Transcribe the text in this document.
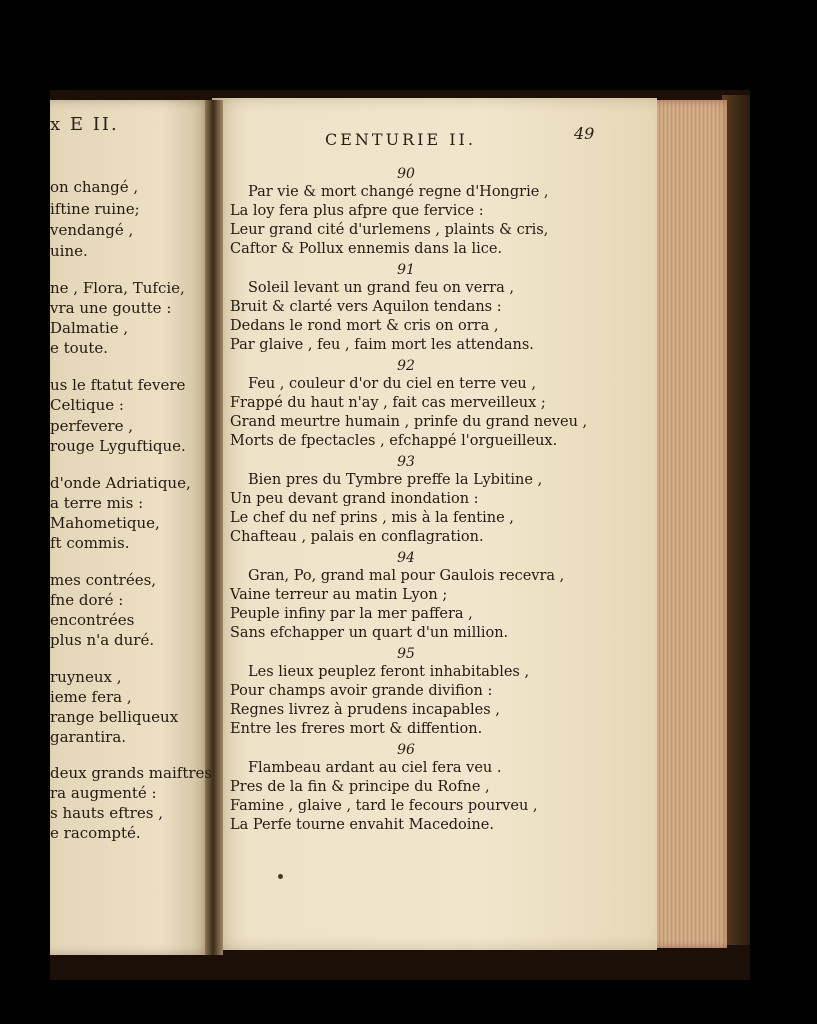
x E II.
CENTURIE II.	49
on changé ,
iftine ruine;
vendangé ,
uine.
ne , Flora, Tufcie,
vra une goutte :
Dalmatie ,
e toute.
us le ftatut fevere
Celtique :
perfevere ,
rouge Lyguftique.
d'onde Adriatique,
a terre mis :
Mahometique,
ft commis.
mes contrées,
fne doré :
encontrées
plus n'a duré.
ruyneux ,
ieme fera ,
range belliqueux
garantira.
deux grands maiftres
ra augmenté :
s hauts eftres ,
e racompté.
90
Par vie & mort changé regne d'Hongrie ,
La loy fera plus afpre que fervice :
Leur grand cité d'urlemens , plaints & cris,
Caftor & Pollux ennemis dans la lice.
91
Soleil levant un grand feu on verra ,
Bruit & clarté vers Aquilon tendans :
Dedans le rond mort & cris on orra ,
Par glaive , feu , faim mort les attendans.
92
Feu , couleur d'or du ciel en terre veu ,
Frappé du haut n'ay , fait cas merveilleux ;
Grand meurtre humain , prinfe du grand neveu ,
Morts de fpectacles , efchappé l'orgueilleux.
93
Bien pres du Tymbre preffe la Lybitine ,
Un peu devant grand inondation :
Le chef du nef prins , mis à la fentine ,
Chafteau , palais en conflagration.
94
Gran, Po, grand mal pour Gaulois recevra ,
Vaine terreur au matin Lyon ;
Peuple infiny par la mer paffera ,
Sans efchapper un quart d'un million.
95
Les lieux peuplez feront inhabitables ,
Pour champs avoir grande divifion :
Regnes livrez à prudens incapables ,
Entre les freres mort & diffention.
96
Flambeau ardant au ciel fera veu .
Pres de la fin & principe du Rofne ,
Famine , glaive , tard le fecours pourveu ,
La Perfe tourne envahit Macedoine.
